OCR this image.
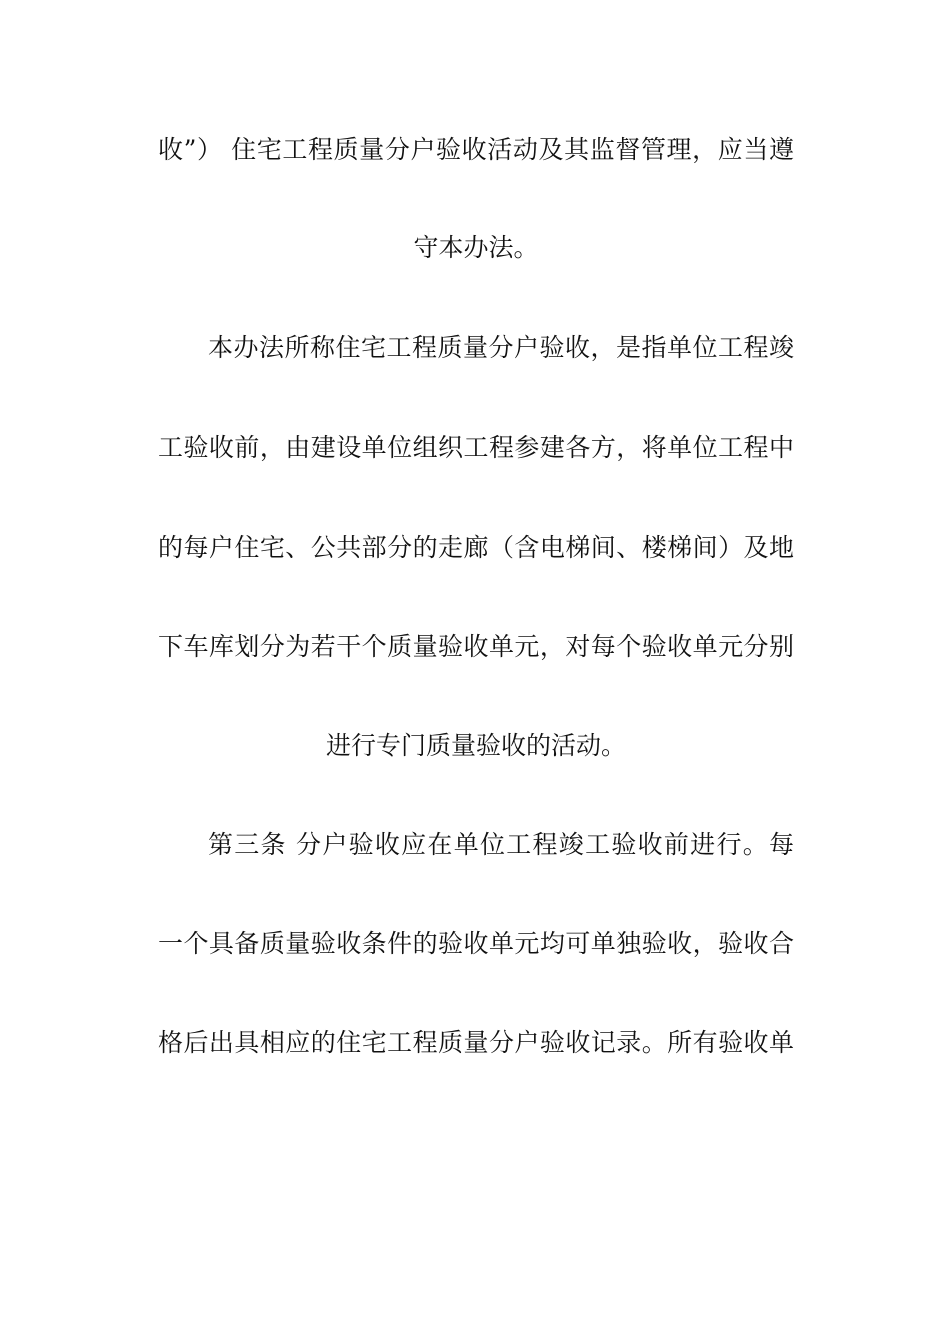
收”） 住宅工程质量分户验收活动及其监督管理，应当遵
守本办法。
本办法所称住宅工程质量分户验收，是指单位工程竣
工验收前，由建设单位组织工程参建各方，将单位工程中
的每户住宅、公共部分的走廊（含电梯间、楼梯间）及地
下车库划分为若干个质量验收单元，对每个验收单元分别
进行专门质量验收的活动。
第三条 分户验收应在单位工程竣工验收前进行。每
一个具备质量验收条件的验收单元均可单独验收，验收合
格后出具相应的住宅工程质量分户验收记录。所有验收单
